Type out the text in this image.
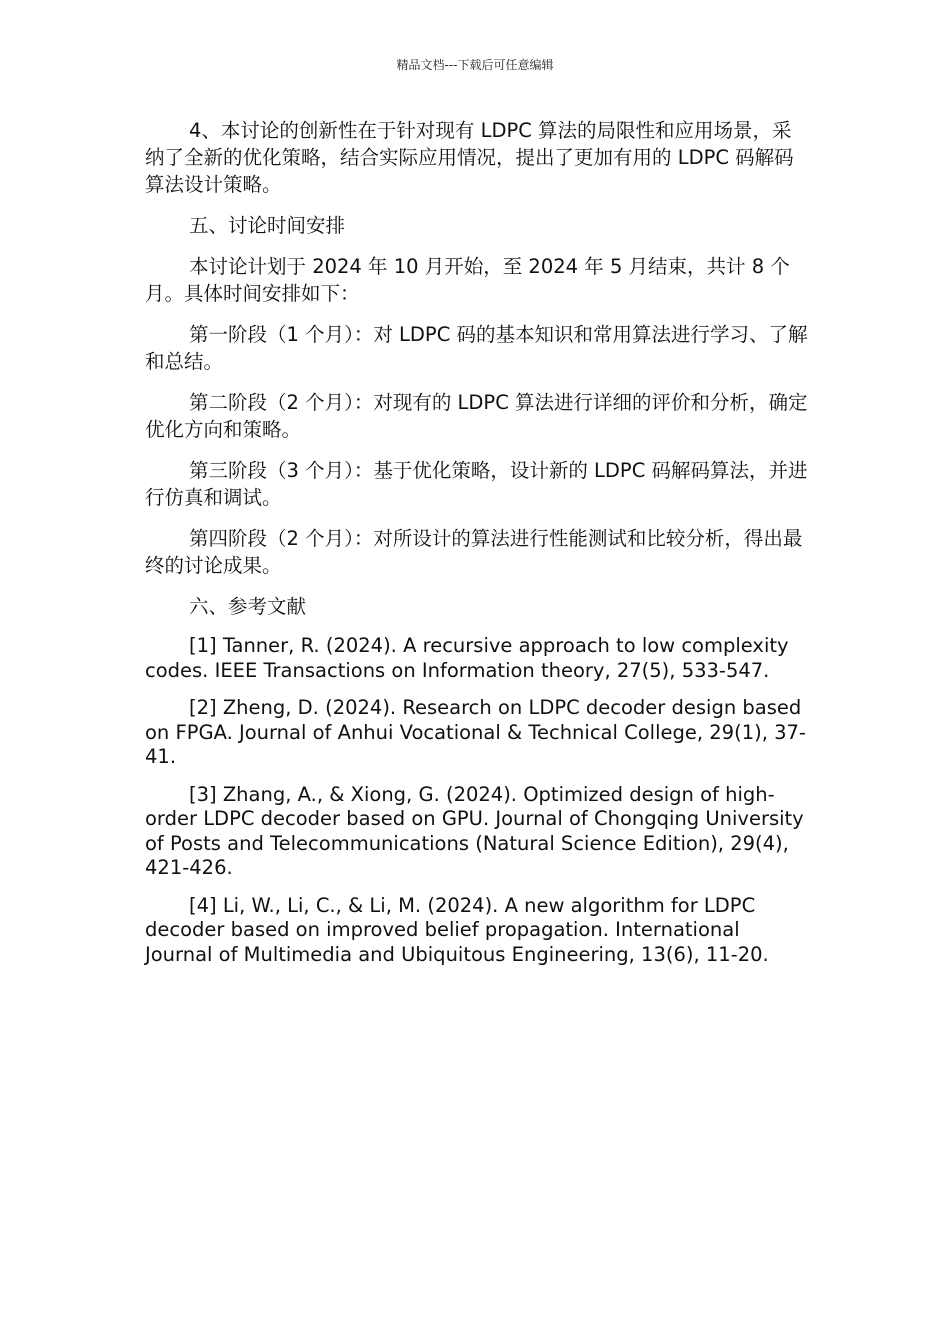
精品文档---下载后可任意编辑

4、本讨论的创新性在于针对现有 LDPC 算法的局限性和应用场景，采纳了全新的优化策略，结合实际应用情况，提出了更加有用的 LDPC 码解码算法设计策略。

五、讨论时间安排

本讨论计划于 2024 年 10 月开始，至 2024 年 5 月结束，共计 8 个月。具体时间安排如下：

第一阶段（1 个月）：对 LDPC 码的基本知识和常用算法进行学习、了解和总结。

第二阶段（2 个月）：对现有的 LDPC 算法进行详细的评价和分析，确定优化方向和策略。

第三阶段（3 个月）：基于优化策略，设计新的 LDPC 码解码算法，并进行仿真和调试。

第四阶段（2 个月）：对所设计的算法进行性能测试和比较分析，得出最终的讨论成果。

六、参考文献

[1] Tanner, R. (2024). A recursive approach to low complexity codes. IEEE Transactions on Information theory, 27(5), 533-547.

[2] Zheng, D. (2024). Research on LDPC decoder design based on FPGA. Journal of Anhui Vocational & Technical College, 29(1), 37-41.

[3] Zhang, A., & Xiong, G. (2024). Optimized design of high-order LDPC decoder based on GPU. Journal of Chongqing University of Posts and Telecommunications (Natural Science Edition), 29(4), 421-426.

[4] Li, W., Li, C., & Li, M. (2024). A new algorithm for LDPC decoder based on improved belief propagation. International Journal of Multimedia and Ubiquitous Engineering, 13(6), 11-20.
